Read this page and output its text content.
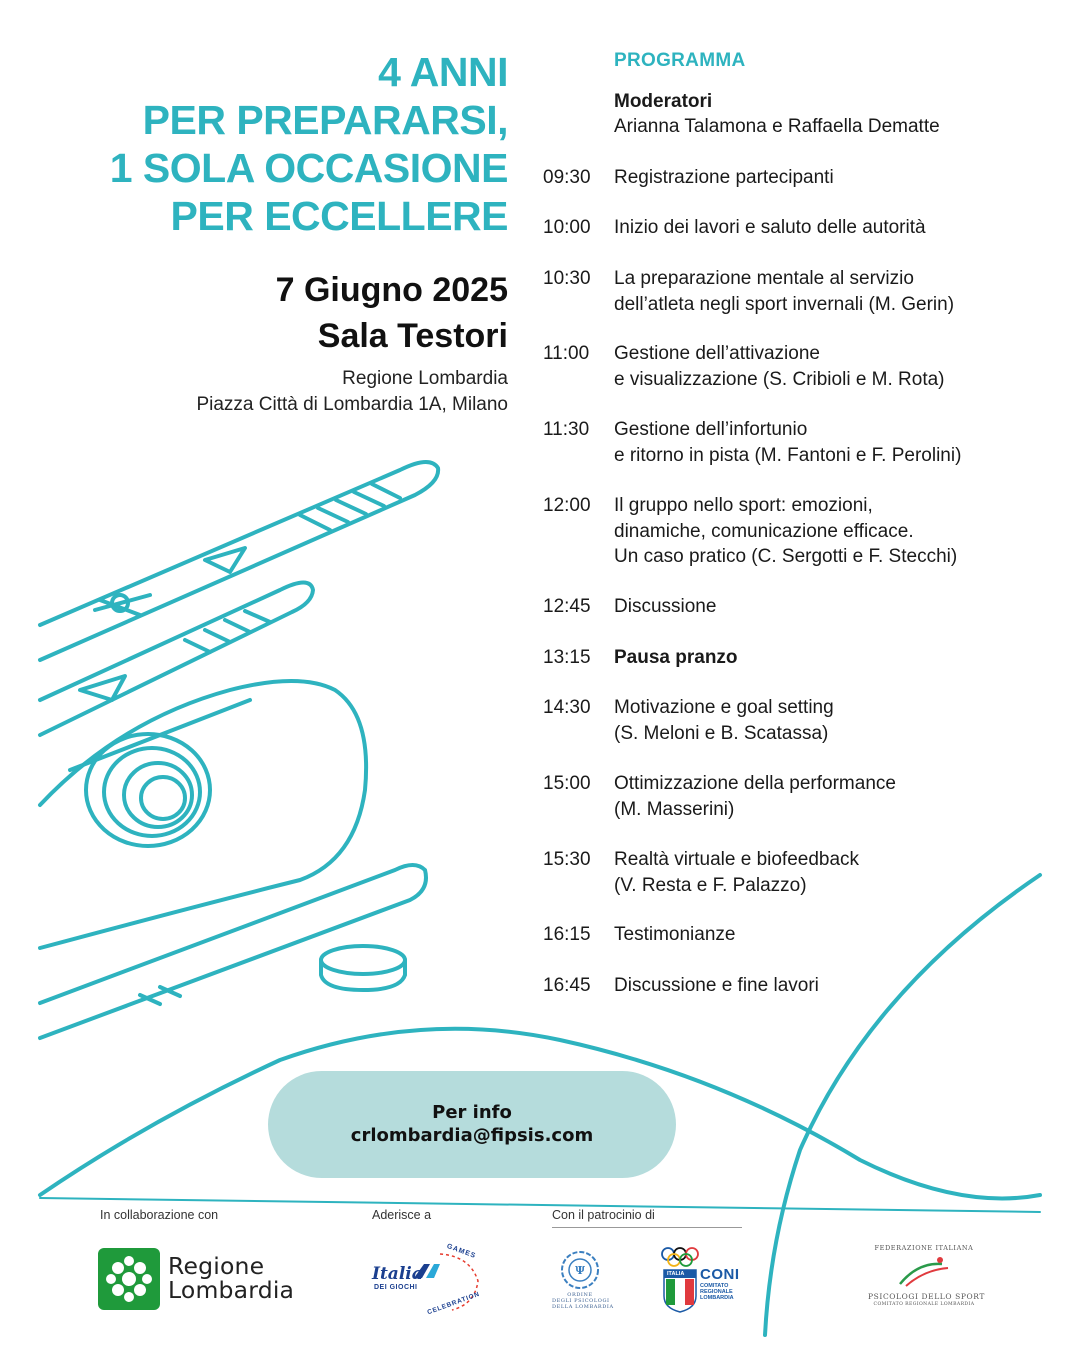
4 ANNI
PER PREPARARSI,
1 SOLA OCCASIONE
PER ECCELLERE
7 Giugno 2025
Sala Testori
Regione Lombardia
Piazza Città di Lombardia 1A, Milano
PROGRAMMA
Moderatori
Arianna Talamona e Raffaella Dematte
09:30	Registrazione partecipanti
10:00	Inizio dei lavori e saluto delle autorità
10:30	La preparazione mentale al servizio
dell’atleta negli sport invernali (M. Gerin)
11:00	Gestione dell’attivazione
e visualizzazione (S. Cribioli e M. Rota)
11:30	Gestione dell’infortunio
e ritorno in pista (M. Fantoni e F. Perolini)
12:00	Il gruppo nello sport: emozioni,
dinamiche, comunicazione efficace.
Un caso pratico (C. Sergotti e F. Stecchi)
12:45	Discussione
13:15	Pausa pranzo
14:30	Motivazione e goal setting
(S. Meloni e B. Scatassa)
15:00	Ottimizzazione della performance
(M. Masserini)
15:30	Realtà virtuale e biofeedback
(V. Resta e F. Palazzo)
16:15	Testimonianze
16:45	Discussione e fine lavori
Per info
crlombardia@fipsis.com
In collaborazione con	Aderisce a	Con il patrocinio di
Regione
Lombardia
Italia
DEI GIOCHI
GAMES
CELEBRATION
Ψ
ORDINE
DEGLI PSICOLOGI
DELLA LOMBARDIA
ITALIA CONI
COMITATO
REGIONALE
LOMBARDIA
FEDERAZIONE ITALIANA
PSICOLOGI DELLO SPORT
COMITATO REGIONALE LOMBARDIA
